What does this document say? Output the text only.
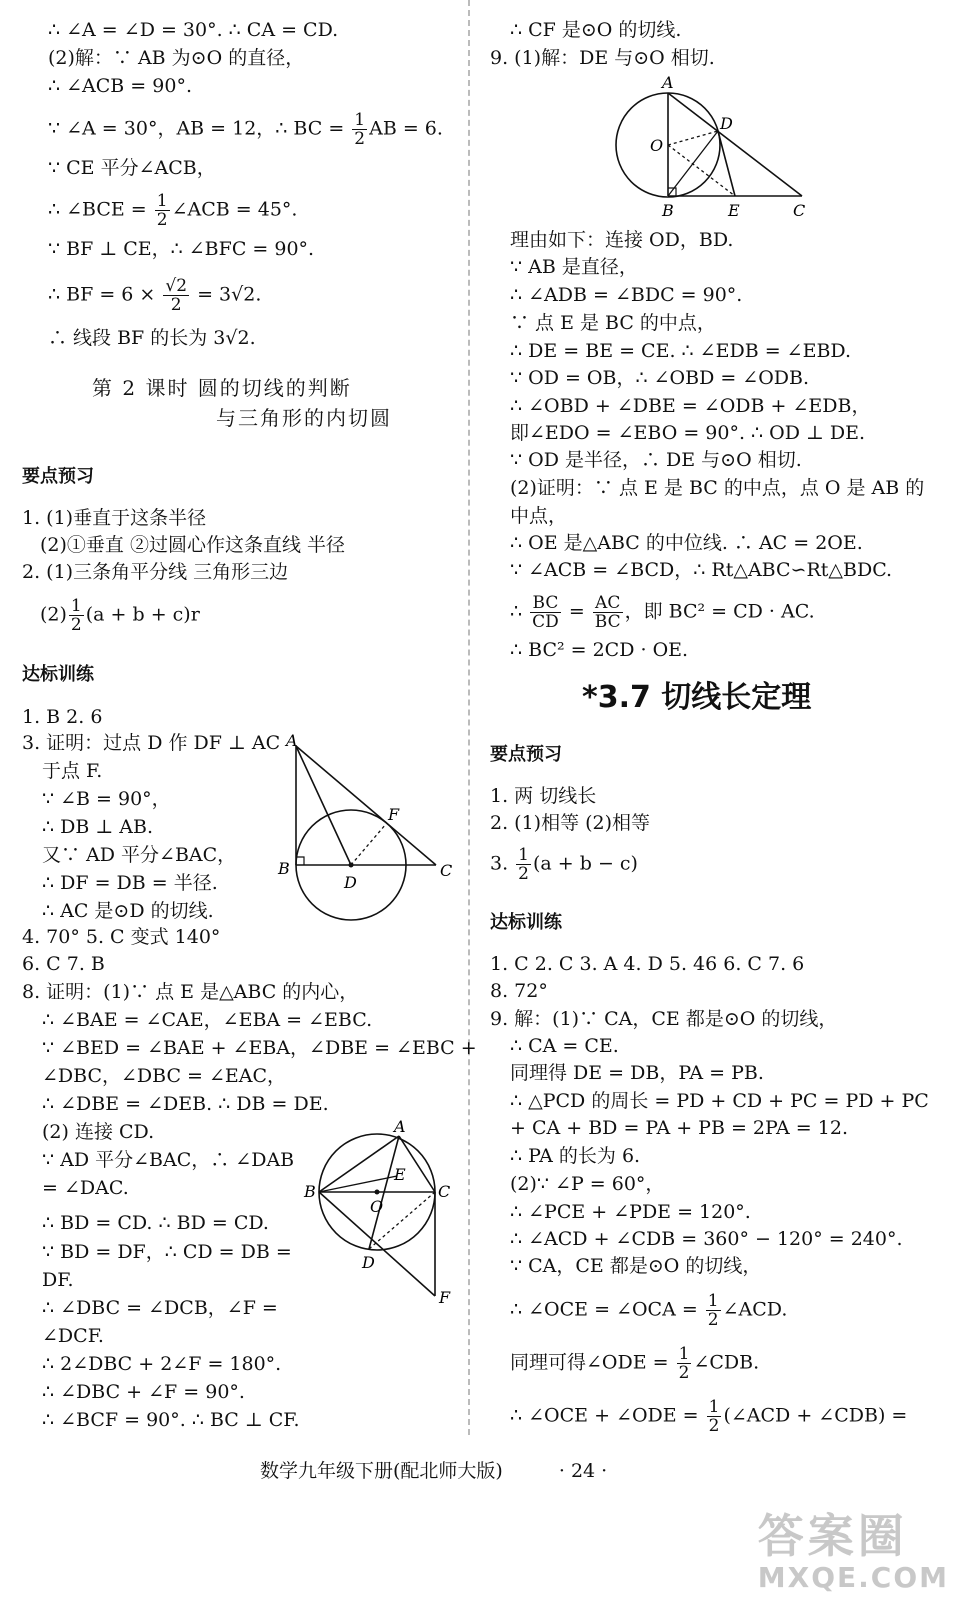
∴ ∠A = ∠D = 30°. ∴ CA = CD.
(2)解：∵ AB 为⊙O 的直径，
∴ ∠ACB = 90°.
∵ ∠A = 30°，AB = 12，∴ BC = $\frac{1}{2}$ AB = 6.
∵ CE 平分∠ACB，
∴ ∠BCE = $\frac{1}{2}$ ∠ACB = 45°.
∵ BF ⊥ CE，∴ ∠BFC = 90°.
∴ BF = $6 \times \frac{√2}{2} = 3√2$.
∴ 线段 BF 的长为 3√2.
第 2 课时 圆的切线的判断
与三角形的内切圆
要点预习
1. (1)垂直于这条半径
(2)①垂直 ②过圆心作这条直线 半径
2. (1)三条角平分线 三角形三边
$(2) \frac{1}{2} (a + b + c)r$
达标训练
1. B 2. 6
3. 证明：过点 D 作 DF ⊥ AC
于点 F.
∵ ∠B = 90°，
∴ DB ⊥ AB.
又∵ AD 平分∠BAC，
∴ DF = DB = 半径.
∴ AC 是⊙D 的切线.
4. 70° 5. C 变式 140°
6. C 7. B
8. 证明：(1)∵ 点 E 是△ABC 的内心，
∴ ∠BAE = ∠CAE，∠EBA = ∠EBC.
∵ ∠BED = ∠BAE + ∠EBA，∠DBE = ∠EBC +
∠DBC，∠DBC = ∠EAC，
∴ ∠DBE = ∠DEB. ∴ DB = DE.
(2) 连接 CD.
∵ AD 平分∠BAC，∴ ∠DAB
= ∠DAC.
∴ BD = CD. ∴ BD = CD.
∵ BD = DF，∴ CD = DB =
DF.
∴ ∠DBC = ∠DCB，∠F =
∠DCF.
∴ 2∠DBC + 2∠F = 180°.
∴ ∠DBC + ∠F = 90°.
∴ ∠BCF = 90°. ∴ BC ⊥ CF.
A
F
B
D
C
A
E
B
O
C
D
F
∴ CF 是⊙O 的切线.
9. (1)解：DE 与⊙O 相切.
A
O
D
B	E	C
理由如下：连接 OD，BD.
∵ AB 是直径，
∴ ∠ADB = ∠BDC = 90°.
∵ 点 E 是 BC 的中点，
∴ DE = BE = CE. ∴ ∠EDB = ∠EBD.
∵ OD = OB，∴ ∠OBD = ∠ODB.
∴ ∠OBD + ∠DBE = ∠ODB + ∠EDB，
即∠EDO = ∠EBO = 90°. ∴ OD ⊥ DE.
∵ OD 是半径，∴ DE 与⊙O 相切.
(2)证明：∵ 点 E 是 BC 的中点，点 O 是 AB 的
中点，
∴ OE 是△ABC 的中位线. ∴ AC = 2OE.
∵ ∠ACB = ∠BCD，∴ Rt△ABC∽Rt△BDC.
∴ $\frac{BC}{CD} = \frac{AC}{BC}$ ，即 BC² = CD · AC.
∴ BC² = 2CD · OE.
*3.7 切线长定理
要点预习
1. 两 切线长
2. (1)相等 (2)相等
3. $\frac{1}{2} (a + b - c)$
达标训练
1. C 2. C 3. A 4. D 5. 46 6. C 7. 6
8. 72°
9. 解：(1)∵ CA，CE 都是⊙O 的切线，
∴ CA = CE.
同理得 DE = DB，PA = PB.
∴ △PCD 的周长 = PD + CD + PC = PD + PC
+ CA + BD = PA + PB = 2PA = 12.
∴ PA 的长为 6.
(2)∵ ∠P = 60°，
∴ ∠PCE + ∠PDE = 120°.
∴ ∠ACD + ∠CDB = 360° − 120° = 240°.
∵ CA，CE 都是⊙O 的切线，
∴ ∠OCE = ∠OCA = $\frac{1}{2}$ ∠ACD.
同理可得∠ODE = $\frac{1}{2}$ ∠CDB.
∴ ∠OCE + ∠ODE = $\frac{1}{2}$ (∠ACD + ∠CDB) =
数学九年级下册(配北师大版)	· 24 ·
答案圈
MXQE.COM
